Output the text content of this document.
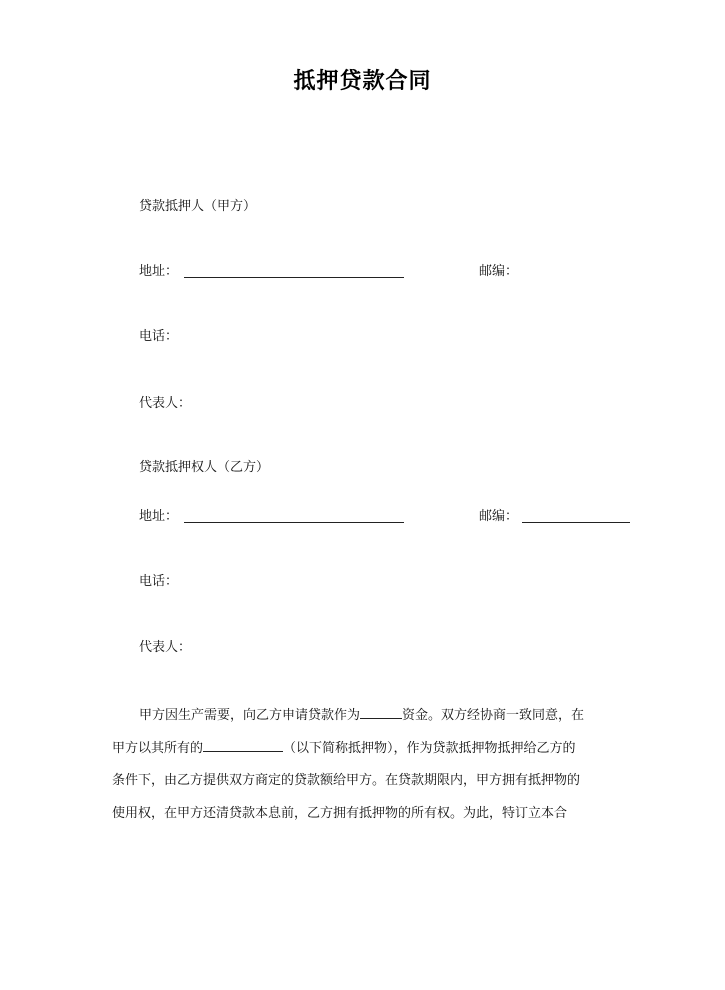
抵押贷款合同
贷款抵押人（甲方）
地址：	邮编：
电话：
代表人：
贷款抵押权人（乙方）
地址：	邮编：
电话：
代表人：
甲方因生产需要，向乙方申请贷款作为	资金。双方经协商一致同意，在
甲方以其所有的	（以下简称抵押物），作为贷款抵押物抵押给乙方的
条件下，由乙方提供双方商定的贷款额给甲方。在贷款期限内，甲方拥有抵押物的
使用权，在甲方还清贷款本息前，乙方拥有抵押物的所有权。为此，特订立本合
